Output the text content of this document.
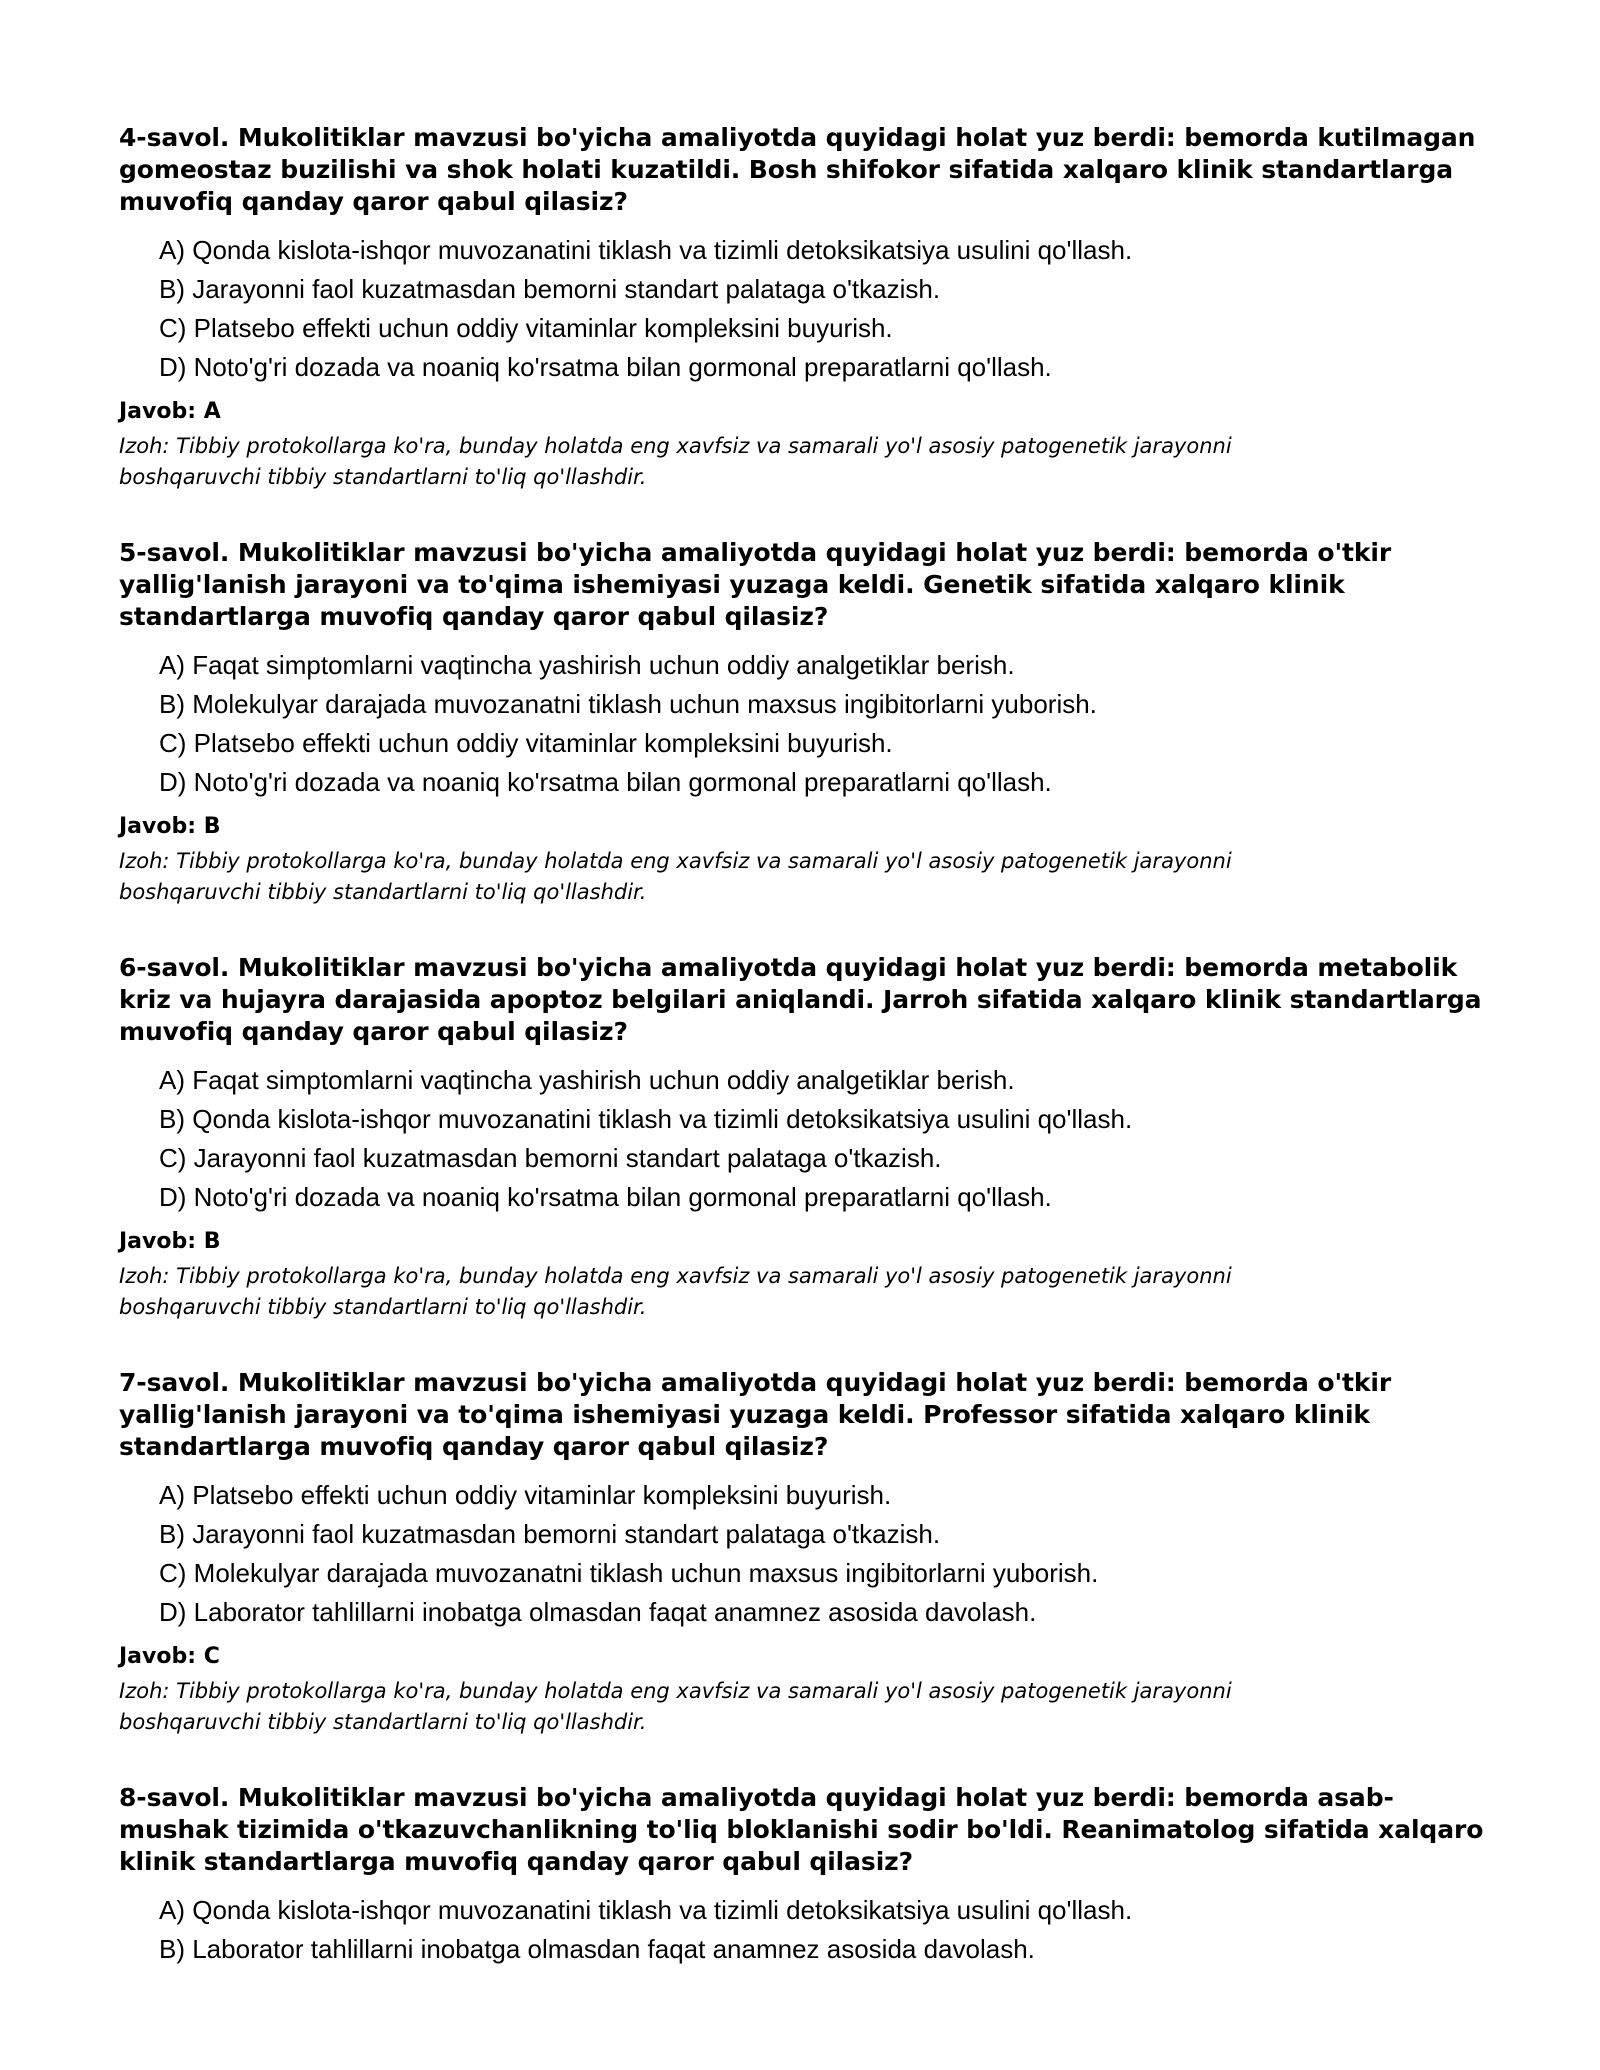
4-savol. Mukolitiklar mavzusi bo'yicha amaliyotda quyidagi holat yuz berdi: bemorda kutilmagan gomeostaz buzilishi va shok holati kuzatildi. Bosh shifokor sifatida xalqaro klinik standartlarga muvofiq qanday qaror qabul qilasiz?

A) Qonda kislota-ishqor muvozanatini tiklash va tizimli detoksikatsiya usulini qo'llash.
B) Jarayonni faol kuzatmasdan bemorni standart palataga o'tkazish.
C) Platsebo effekti uchun oddiy vitaminlar kompleksini buyurish.
D) Noto'g'ri dozada va noaniq ko'rsatma bilan gormonal preparatlarni qo'llash.

Javob: A

Izoh: Tibbiy protokollarga ko'ra, bunday holatda eng xavfsiz va samarali yo'l asosiy patogenetik jarayonni boshqaruvchi tibbiy standartlarni to'liq qo'llashdir.

5-savol. Mukolitiklar mavzusi bo'yicha amaliyotda quyidagi holat yuz berdi: bemorda o'tkir yallig'lanish jarayoni va to'qima ishemiyasi yuzaga keldi. Genetik sifatida xalqaro klinik standartlarga muvofiq qanday qaror qabul qilasiz?

A) Faqat simptomlarni vaqtincha yashirish uchun oddiy analgetiklar berish.
B) Molekulyar darajada muvozanatni tiklash uchun maxsus ingibitorlarni yuborish.
C) Platsebo effekti uchun oddiy vitaminlar kompleksini buyurish.
D) Noto'g'ri dozada va noaniq ko'rsatma bilan gormonal preparatlarni qo'llash.

Javob: B

Izoh: Tibbiy protokollarga ko'ra, bunday holatda eng xavfsiz va samarali yo'l asosiy patogenetik jarayonni boshqaruvchi tibbiy standartlarni to'liq qo'llashdir.

6-savol. Mukolitiklar mavzusi bo'yicha amaliyotda quyidagi holat yuz berdi: bemorda metabolik kriz va hujayra darajasida apoptoz belgilari aniqlandi. Jarroh sifatida xalqaro klinik standartlarga muvofiq qanday qaror qabul qilasiz?

A) Faqat simptomlarni vaqtincha yashirish uchun oddiy analgetiklar berish.
B) Qonda kislota-ishqor muvozanatini tiklash va tizimli detoksikatsiya usulini qo'llash.
C) Jarayonni faol kuzatmasdan bemorni standart palataga o'tkazish.
D) Noto'g'ri dozada va noaniq ko'rsatma bilan gormonal preparatlarni qo'llash.

Javob: B

Izoh: Tibbiy protokollarga ko'ra, bunday holatda eng xavfsiz va samarali yo'l asosiy patogenetik jarayonni boshqaruvchi tibbiy standartlarni to'liq qo'llashdir.

7-savol. Mukolitiklar mavzusi bo'yicha amaliyotda quyidagi holat yuz berdi: bemorda o'tkir yallig'lanish jarayoni va to'qima ishemiyasi yuzaga keldi. Professor sifatida xalqaro klinik standartlarga muvofiq qanday qaror qabul qilasiz?

A) Platsebo effekti uchun oddiy vitaminlar kompleksini buyurish.
B) Jarayonni faol kuzatmasdan bemorni standart palataga o'tkazish.
C) Molekulyar darajada muvozanatni tiklash uchun maxsus ingibitorlarni yuborish.
D) Laborator tahlillarni inobatga olmasdan faqat anamnez asosida davolash.

Javob: C

Izoh: Tibbiy protokollarga ko'ra, bunday holatda eng xavfsiz va samarali yo'l asosiy patogenetik jarayonni boshqaruvchi tibbiy standartlarni to'liq qo'llashdir.

8-savol. Mukolitiklar mavzusi bo'yicha amaliyotda quyidagi holat yuz berdi: bemorda asab-mushak tizimida o'tkazuvchanlikning to'liq bloklanishi sodir bo'ldi. Reanimatolog sifatida xalqaro klinik standartlarga muvofiq qanday qaror qabul qilasiz?

A) Qonda kislota-ishqor muvozanatini tiklash va tizimli detoksikatsiya usulini qo'llash.
B) Laborator tahlillarni inobatga olmasdan faqat anamnez asosida davolash.
